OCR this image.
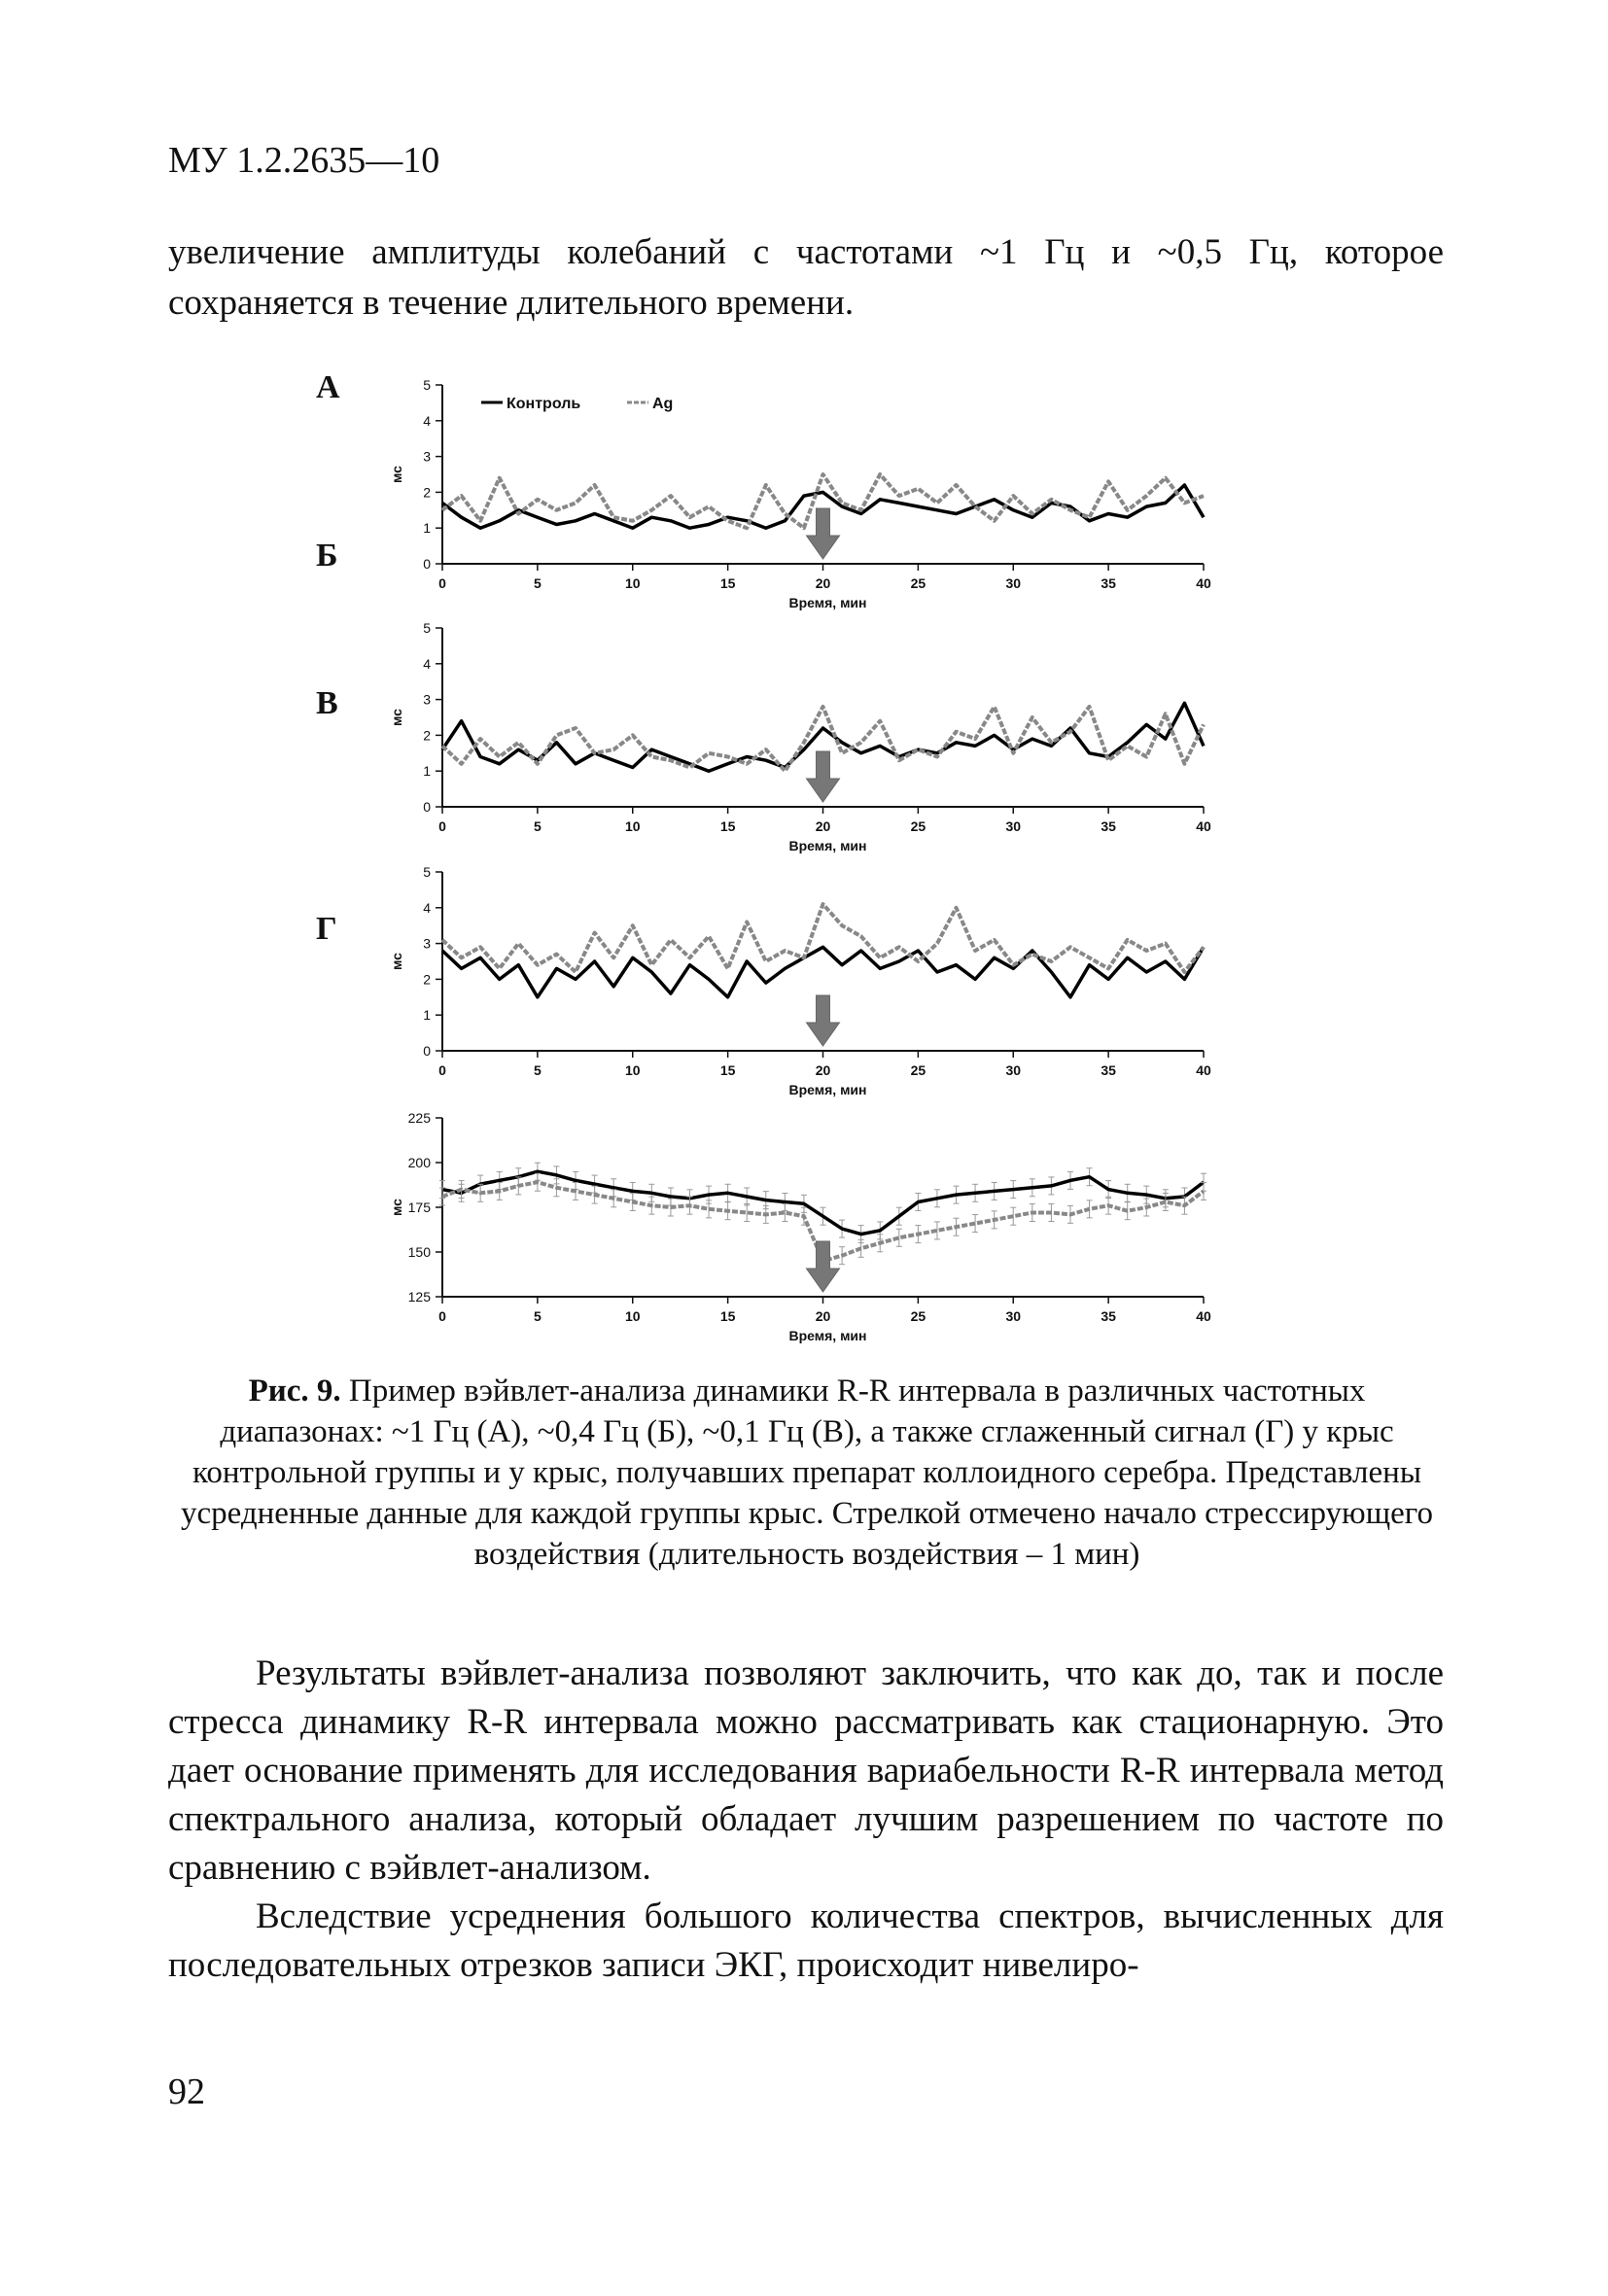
МУ 1.2.2635—10

увеличение амплитуды колебаний с частотами ~1 Гц и ~0,5 Гц, которое сохраняется в течение длительного времени.

А
Б
В
Г
0
1
2
3
4
5
0	5	10	15	20	25	30	35	40
Время, мин
мс
Контроль	Ag
0
1
2
3
4
5
0	5	10	15	20	25	30	35	40
Время, мин
мс
0
1
2
3
4
5
0	5	10	15	20	25	30	35	40
Время, мин
мс
125
150
175
200
225
0	5	10	15	20	25	30	35	40
Время, мин
мс
Рис. 9. Пример вэйвлет-анализа динамики R-R интервала в различных частотных диапазонах: ~1 Гц (А), ~0,4 Гц (Б), ~0,1 Гц (В), а также сглаженный сигнал (Г) у крыс контрольной группы и у крыс, получавших препарат коллоидного серебра. Представлены усредненные данные для каждой группы крыс. Стрелкой отмечено начало стрессирующего воздействия (длительность воздействия – 1 мин)

Результаты вэйвлет-анализа позволяют заключить, что как до, так и после стресса динамику R-R интервала можно рассматривать как стационарную. Это дает основание применять для исследования вариабельности R-R интервала метод спектрального анализа, который обладает лучшим разрешением по частоте по сравнению с вэйвлет-анализом.

Вследствие усреднения большого количества спектров, вычисленных для последовательных отрезков записи ЭКГ, происходит нивелиро-

92
